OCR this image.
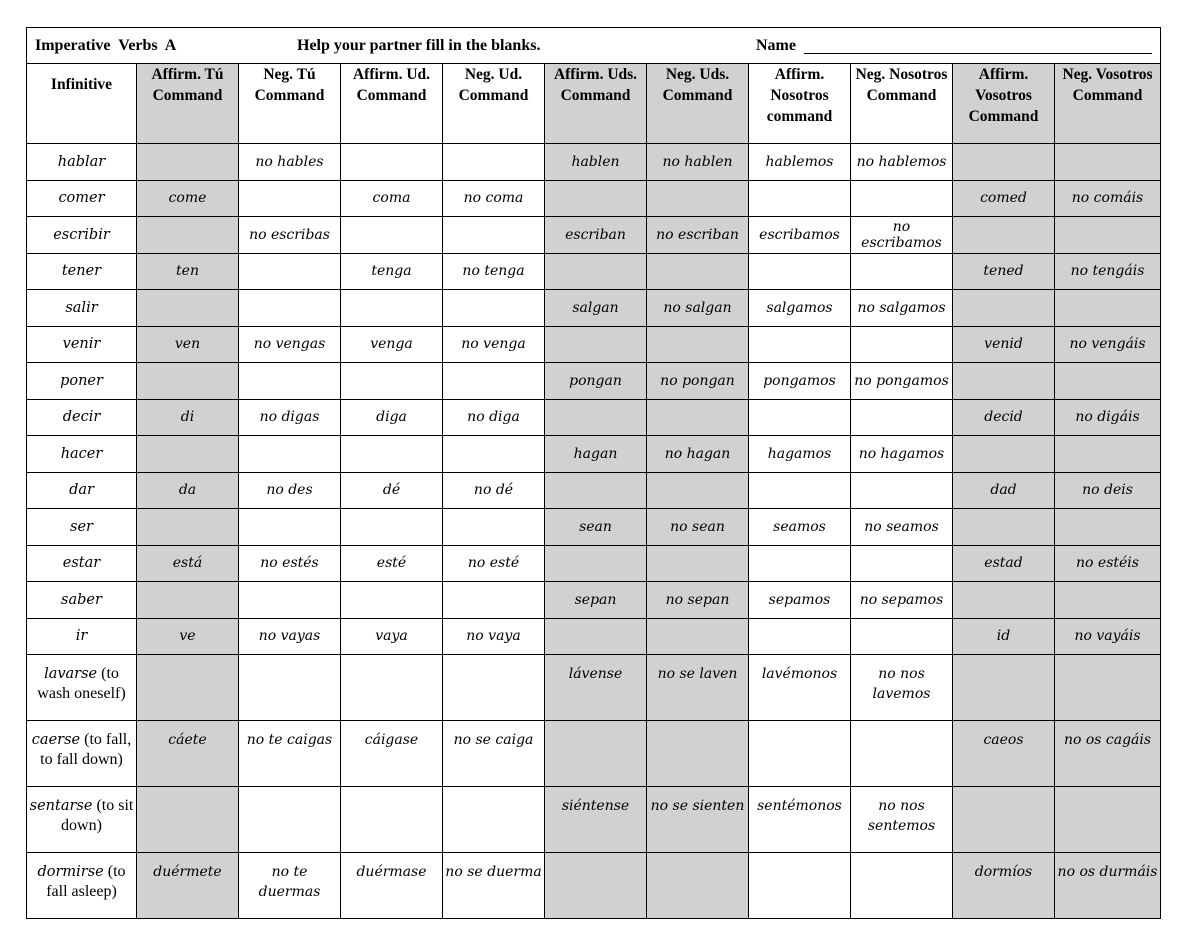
Imperative  Verbs  A Help your partner fill in the blanks. Name										

Infinitive	Affirm. Tú Command	Neg. Tú Command	Affirm. Ud. Command	Neg. Ud. Command	Affirm. Uds. Command	Neg. Uds. Command	Affirm. Nosotros command	Neg. Nosotros Command	Affirm. Vosotros Command	Neg. Vosotros Command
hablar		no hables			hablen	no hablen	hablemos	no hablemos		
comer	come		coma	no coma					comed	no comáis
escribir		no escribas			escriban	no escriban	escribamos	no escribamos		
tener	ten		tenga	no tenga					tened	no tengáis
salir					salgan	no salgan	salgamos	no salgamos		
venir	ven	no vengas	venga	no venga					venid	no vengáis
poner					pongan	no pongan	pongamos	no pongamos		
decir	di	no digas	diga	no diga					decid	no digáis
hacer					hagan	no hagan	hagamos	no hagamos		
dar	da	no des	dé	no dé					dad	no deis
ser					sean	no sean	seamos	no seamos		
estar	está	no estés	esté	no esté					estad	no estéis
saber					sepan	no sepan	sepamos	no sepamos		
ir	ve	no vayas	vaya	no vaya					id	no vayáis
lavarse (to wash oneself)					lávense	no se laven	lavémonos	no nos lavemos		
caerse (to fall, to fall down)	cáete	no te caigas	cáigase	no se caiga					caeos	no os cagáis
sentarse (to sit down)					siéntense	no se sienten	sentémonos	no nos sentemos		
dormirse (to fall asleep)	duérmete	no te duermas	duérmase	no se duerma					dormíos	no os durmáis
